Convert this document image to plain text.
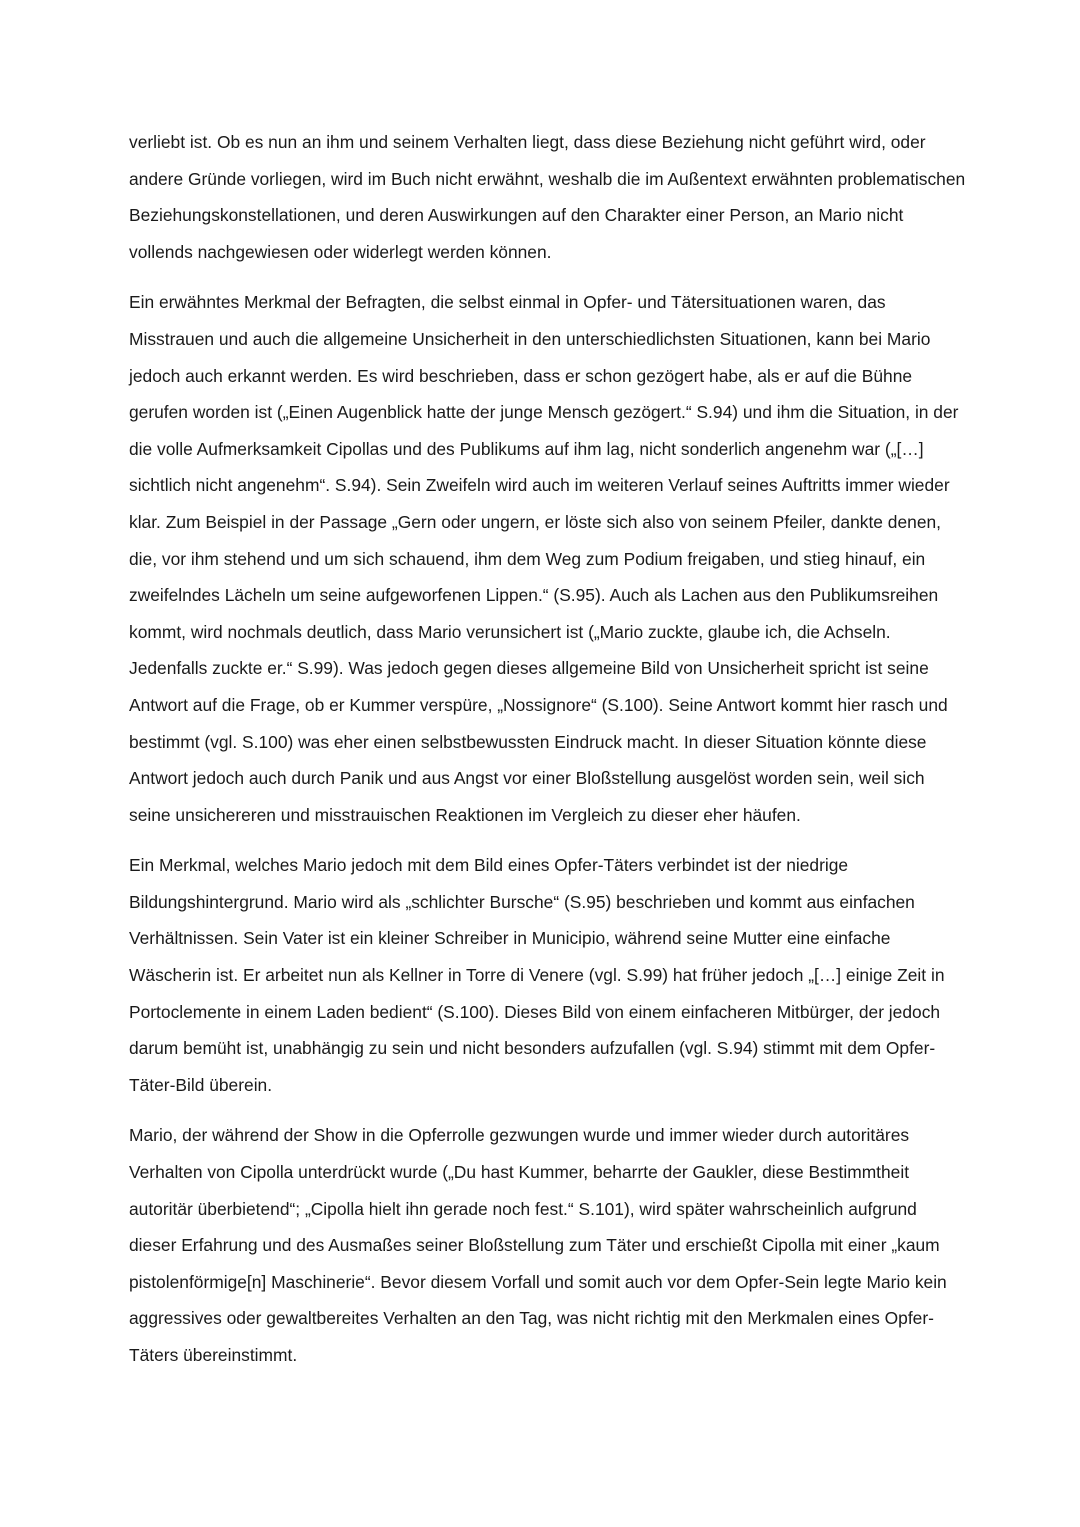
verliebt ist. Ob es nun an ihm und seinem Verhalten liegt, dass diese Beziehung nicht geführt wird, oder andere Gründe vorliegen, wird im Buch nicht erwähnt, weshalb die im Außentext erwähnten problematischen Beziehungskonstellationen, und deren Auswirkungen auf den Charakter einer Person, an Mario nicht vollends nachgewiesen oder widerlegt werden können.

Ein erwähntes Merkmal der Befragten, die selbst einmal in Opfer- und Tätersituationen waren, das Misstrauen und auch die allgemeine Unsicherheit in den unterschiedlichsten Situationen, kann bei Mario jedoch auch erkannt werden. Es wird beschrieben, dass er schon gezögert habe, als er auf die Bühne gerufen worden ist („Einen Augenblick hatte der junge Mensch gezögert.“ S.94) und ihm die Situation, in der die volle Aufmerksamkeit Cipollas und des Publikums auf ihm lag, nicht sonderlich angenehm war („[…] sichtlich nicht angenehm“. S.94). Sein Zweifeln wird auch im weiteren Verlauf seines Auftritts immer wieder klar. Zum Beispiel in der Passage „Gern oder ungern, er löste sich also von seinem Pfeiler, dankte denen, die, vor ihm stehend und um sich schauend, ihm dem Weg zum Podium freigaben, und stieg hinauf, ein zweifelndes Lächeln um seine aufgeworfenen Lippen.“ (S.95). Auch als Lachen aus den Publikumsreihen kommt, wird nochmals deutlich, dass Mario verunsichert ist („Mario zuckte, glaube ich, die Achseln. Jedenfalls zuckte er.“ S.99). Was jedoch gegen dieses allgemeine Bild von Unsicherheit spricht ist seine Antwort auf die Frage, ob er Kummer verspüre, „Nossignore“ (S.100). Seine Antwort kommt hier rasch und bestimmt (vgl. S.100) was eher einen selbstbewussten Eindruck macht. In dieser Situation könnte diese Antwort jedoch auch durch Panik und aus Angst vor einer Bloßstellung ausgelöst worden sein, weil sich seine unsichereren und misstrauischen Reaktionen im Vergleich zu dieser eher häufen.

Ein Merkmal, welches Mario jedoch mit dem Bild eines Opfer-Täters verbindet ist der niedrige Bildungshintergrund. Mario wird als „schlichter Bursche“ (S.95) beschrieben und kommt aus einfachen Verhältnissen. Sein Vater ist ein kleiner Schreiber in Municipio, während seine Mutter eine einfache Wäscherin ist. Er arbeitet nun als Kellner in Torre di Venere (vgl. S.99) hat früher jedoch „[…] einige Zeit in Portoclemente in einem Laden bedient“ (S.100). Dieses Bild von einem einfacheren Mitbürger, der jedoch darum bemüht ist, unabhängig zu sein und nicht besonders aufzufallen (vgl. S.94) stimmt mit dem Opfer-Täter-Bild überein.

Mario, der während der Show in die Opferrolle gezwungen wurde und immer wieder durch autoritäres Verhalten von Cipolla unterdrückt wurde („Du hast Kummer, beharrte der Gaukler, diese Bestimmtheit autoritär überbietend“; „Cipolla hielt ihn gerade noch fest.“ S.101), wird später wahrscheinlich aufgrund dieser Erfahrung und des Ausmaßes seiner Bloßstellung zum Täter und erschießt Cipolla mit einer „kaum pistolenförmige[n] Maschinerie“. Bevor diesem Vorfall und somit auch vor dem Opfer-Sein legte Mario kein aggressives oder gewaltbereites Verhalten an den Tag, was nicht richtig mit den Merkmalen eines Opfer-Täters übereinstimmt.
